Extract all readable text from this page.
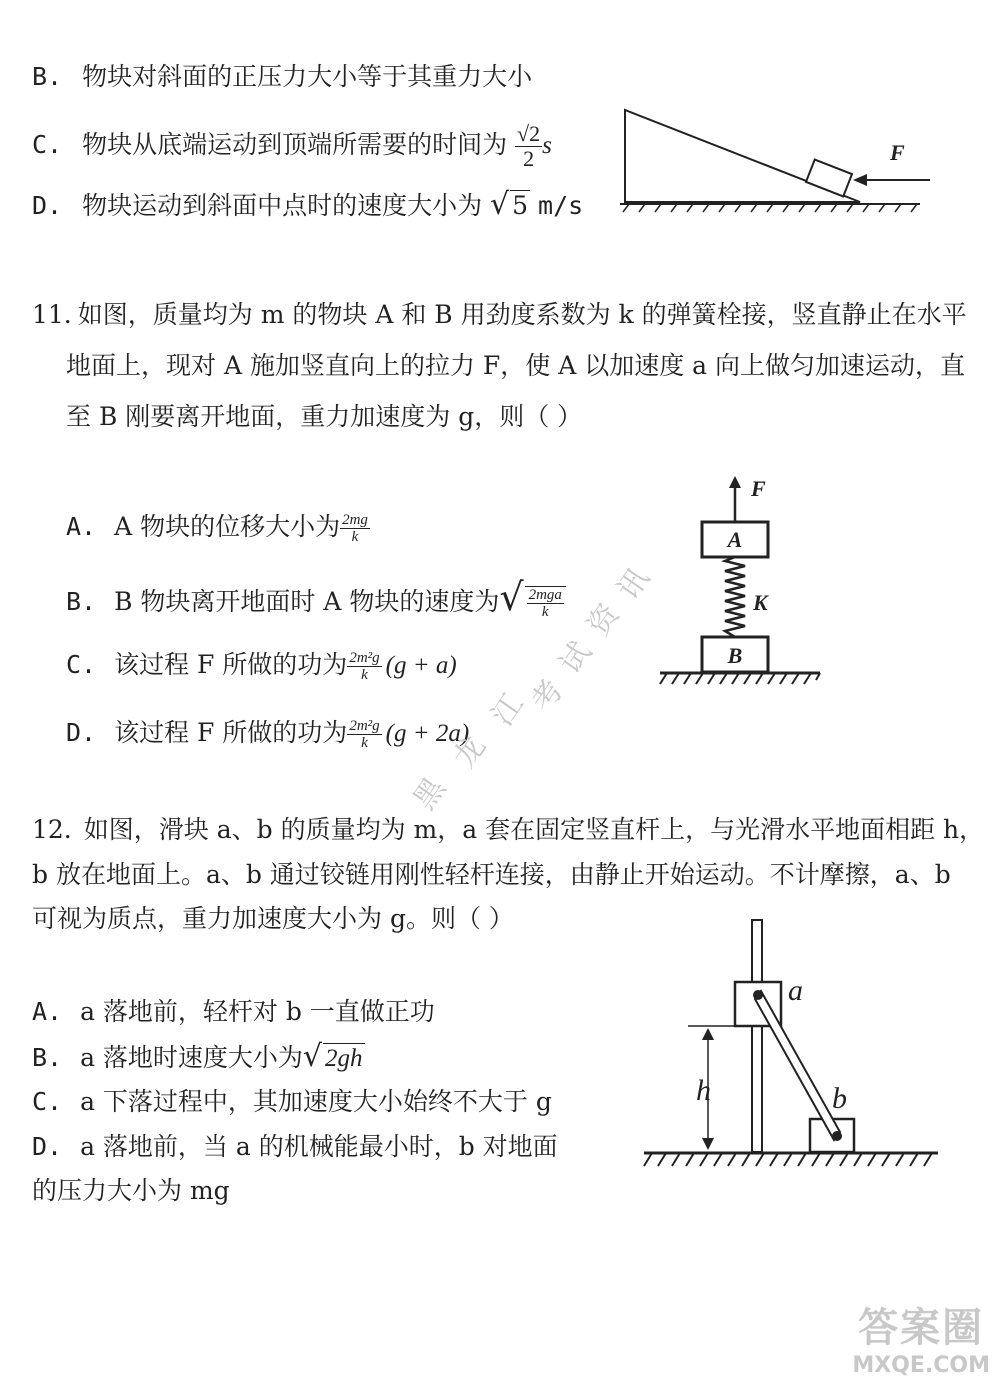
B. 物块对斜面的正压力大小等于其重力大小
C. 物块从底端运动到顶端所需要的时间为 $\frac{√2}{2}$ s
D. 物块运动到斜面中点时的速度大小为 √ 5 m/s
F
11. 如图，质量均为 m 的物块 A 和 B 用劲度系数为 k 的弹簧栓接，竖直静止在水平
地面上，现对 A 施加竖直向上的拉力 F，使 A 以加速度 a 向上做匀加速运动，直
至 B 刚要离开地面，重力加速度为 g，则（ ）
A. A 物块的位移大小为 $\frac{2mg}{k}$
B. B 物块离开地面时 A 物块的速度为√ $\frac{\text{2mga}}{k}$
C. 该过程 F 所做的功为 $\frac{\text{2m²g}}{k} (g + a)$
D. 该过程 F 所做的功为 $\frac{\text{2m²g}}{k} (g + 2a)$
F
A
K
B
12. 如图，滑块 a、b 的质量均为 m，a 套在固定竖直杆上，与光滑水平地面相距 h，
b 放在地面上。a、b 通过铰链用刚性轻杆连接，由静止开始运动。不计摩擦，a、b
可视为质点，重力加速度大小为 g。则（ ）
A. a 落地前，轻杆对 b 一直做正功
B. a 落地时速度大小为√ 2gh
C. a 下落过程中，其加速度大小始终不大于 g
D. a 落地前，当 a 的机械能最小时，b 对地面
的压力大小为 mg
a
b
h
黑
龙
江
考
试
资
讯
答案圈
MXQE.COM
